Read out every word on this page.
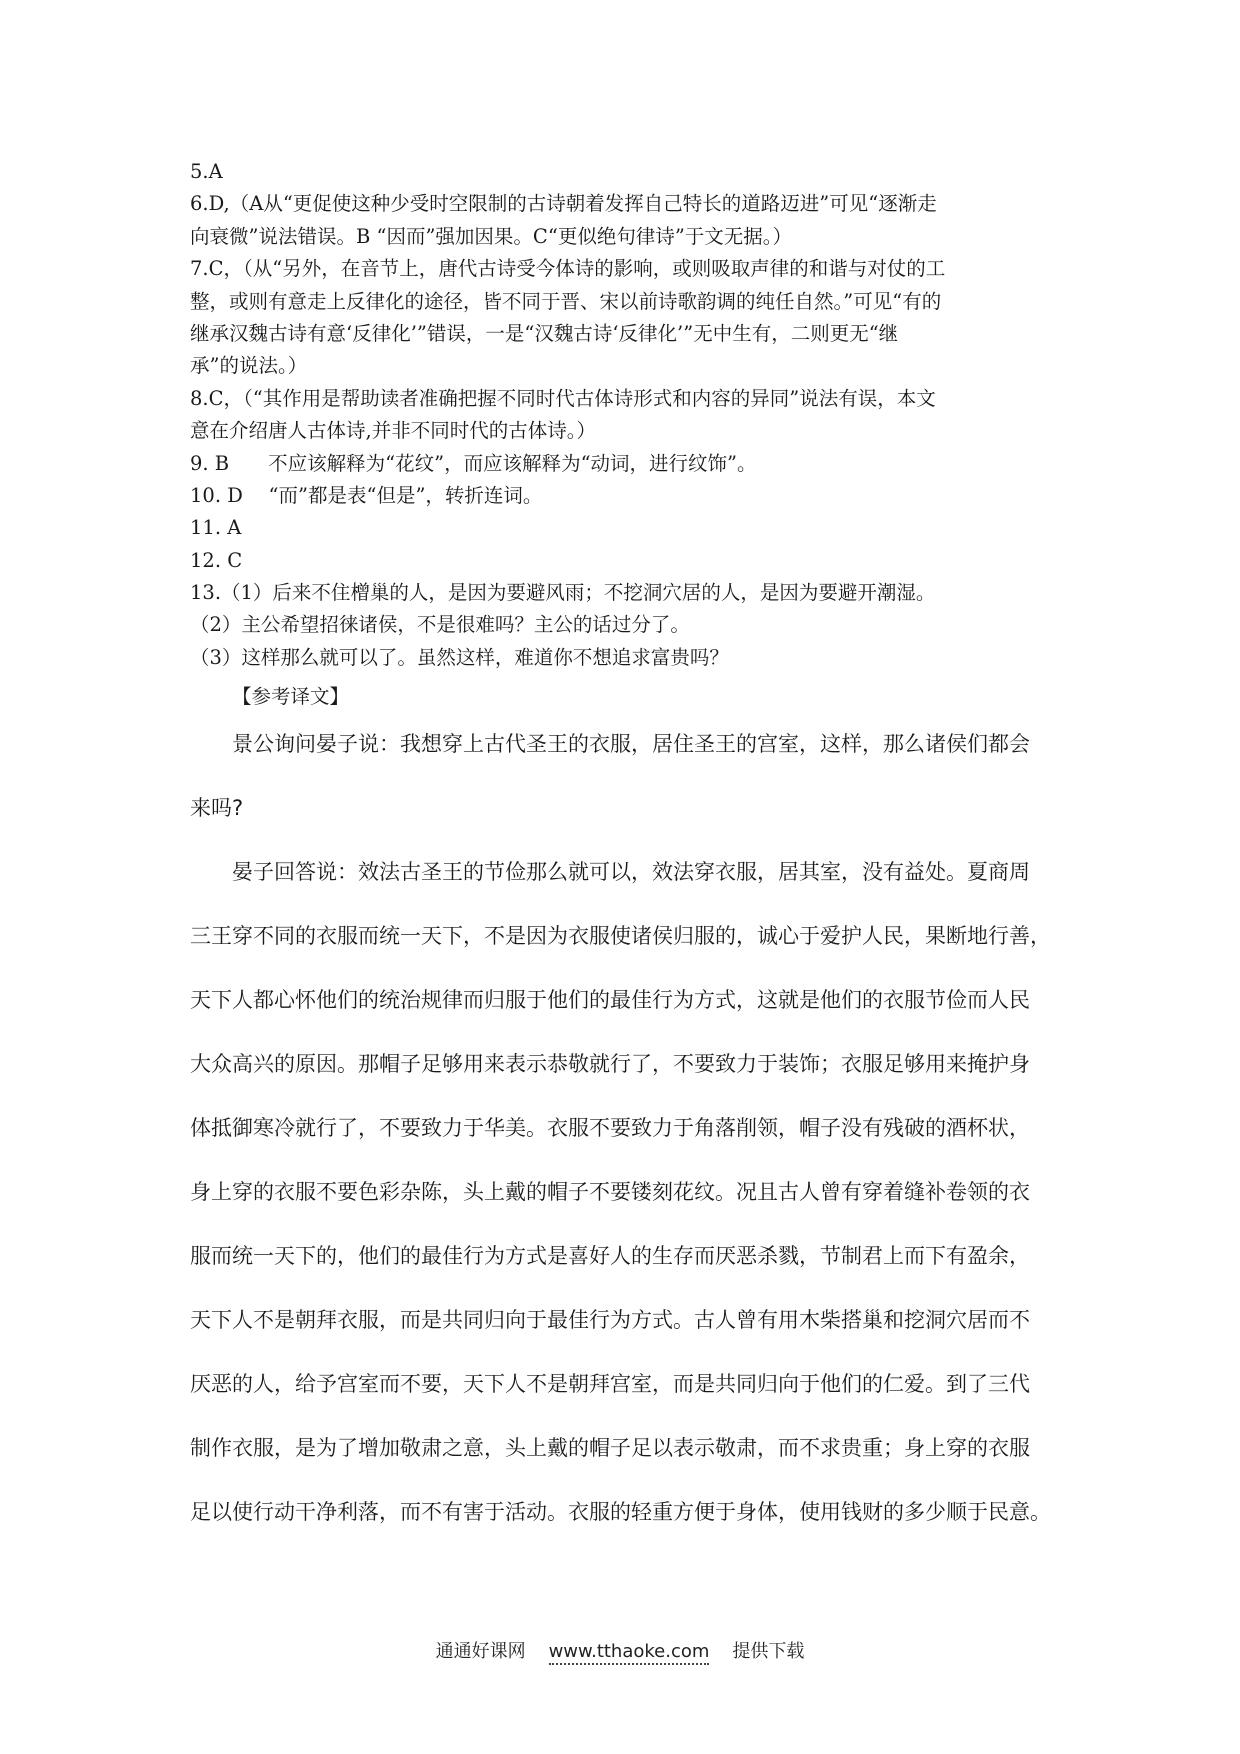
5.A
6.D,（A从“更促使这种少受时空限制的古诗朝着发挥自己特长的道路迈进”可见“逐渐走
向衰微”说法错误。B “因而”强加因果。C“更似绝句律诗”于文无据。）
7.C，（从“另外，在音节上，唐代古诗受今体诗的影响，或则吸取声律的和谐与对仗的工
整，或则有意走上反律化的途径，皆不同于晋、宋以前诗歌韵调的纯任自然。”可见“有的
继承汉魏古诗有意‘反律化’”错误，一是“汉魏古诗‘反律化’”无中生有，二则更无“继
承”的说法。）
8.C，（“其作用是帮助读者准确把握不同时代古体诗形式和内容的异同”说法有误，本文
意在介绍唐人古体诗,并非不同时代的古体诗。）
9. B　　不应该解释为“花纹”，而应该解释为“动词，进行纹饰”。
10. D　 “而”都是表“但是”，转折连词。
11. A
12. C
13.（1）后来不住橧巢的人，是因为要避风雨；不挖洞穴居的人，是因为要避开潮湿。
（2）主公希望招徕诸侯，不是很难吗？主公的话过分了。
（3）这样那么就可以了。虽然这样，难道你不想追求富贵吗？
【参考译文】
　　景公询问晏子说：我想穿上古代圣王的衣服，居住圣王的宫室，这样，那么诸侯们都会
来吗?
　　晏子回答说：效法古圣王的节俭那么就可以，效法穿衣服，居其室，没有益处。夏商周
三王穿不同的衣服而统一天下，不是因为衣服使诸侯归服的，诚心于爱护人民，果断地行善，
天下人都心怀他们的统治规律而归服于他们的最佳行为方式，这就是他们的衣服节俭而人民
大众高兴的原因。那帽子足够用来表示恭敬就行了，不要致力于装饰；衣服足够用来掩护身
体抵御寒冷就行了，不要致力于华美。衣服不要致力于角落削领，帽子没有残破的酒杯状，
身上穿的衣服不要色彩杂陈，头上戴的帽子不要镂刻花纹。况且古人曾有穿着缝补卷领的衣
服而统一天下的，他们的最佳行为方式是喜好人的生存而厌恶杀戮，节制君上而下有盈余，
天下人不是朝拜衣服，而是共同归向于最佳行为方式。古人曾有用木柴搭巢和挖洞穴居而不
厌恶的人，给予宫室而不要，天下人不是朝拜宫室，而是共同归向于他们的仁爱。到了三代
制作衣服，是为了增加敬肃之意，头上戴的帽子足以表示敬肃，而不求贵重；身上穿的衣服
足以使行动干净利落，而不有害于活动。衣服的轻重方便于身体，使用钱财的多少顺于民意。
通通好课网 www.tthaoke.com 提供下载
